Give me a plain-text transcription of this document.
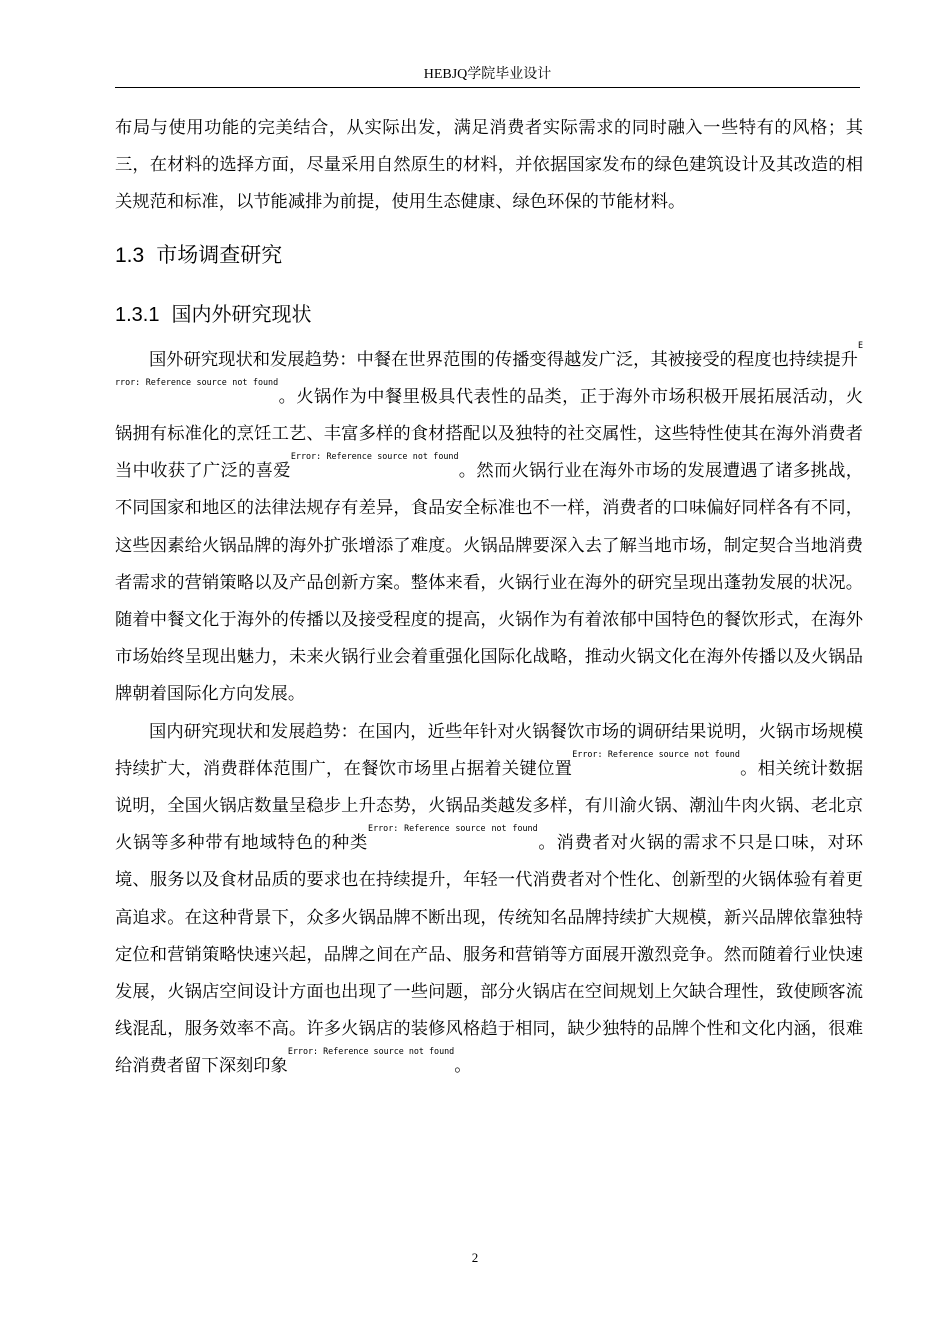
HEBJQ学院毕业设计

布局与使用功能的完美结合，从实际出发，满足消费者实际需求的同时融入一些特有的风格；其三，在材料的选择方面，尽量采用自然原生的材料，并依据国家发布的绿色建筑设计及其改造的相关规范和标准，以节能减排为前提，使用生态健康、绿色环保的节能材料。

1.3 市场调查研究
1.3.1 国内外研究现状

国外研究现状和发展趋势：中餐在世界范围的传播变得越发广泛，其被接受的程度也持续提升$^{Error: Reference source not found}$。火锅作为中餐里极具代表性的品类，正于海外市场积极开展拓展活动，火锅拥有标准化的烹饪工艺、丰富多样的食材搭配以及独特的社交属性，这些特性使其在海外消费者当中收获了广泛的喜爱$^{Error: Reference source not found}$。然而火锅行业在海外市场的发展遭遇了诸多挑战，不同国家和地区的法律法规存有差异，食品安全标准也不一样，消费者的口味偏好同样各有不同，这些因素给火锅品牌的海外扩张增添了难度。火锅品牌要深入去了解当地市场，制定契合当地消费者需求的营销策略以及产品创新方案。整体来看，火锅行业在海外的研究呈现出蓬勃发展的状况。随着中餐文化于海外的传播以及接受程度的提高，火锅作为有着浓郁中国特色的餐饮形式，在海外市场始终呈现出魅力，未来火锅行业会着重强化国际化战略，推动火锅文化在海外传播以及火锅品牌朝着国际化方向发展。

国内研究现状和发展趋势：在国内，近些年针对火锅餐饮市场的调研结果说明，火锅市场规模持续扩大，消费群体范围广，在餐饮市场里占据着关键位置$^{Error: Reference source not found}$。相关统计数据说明，全国火锅店数量呈稳步上升态势，火锅品类越发多样，有川渝火锅、潮汕牛肉火锅、老北京火锅等多种带有地域特色的种类$^{Error: Reference source not found}$。消费者对火锅的需求不只是口味，对环境、服务以及食材品质的要求也在持续提升，年轻一代消费者对个性化、创新型的火锅体验有着更高追求。在这种背景下，众多火锅品牌不断出现，传统知名品牌持续扩大规模，新兴品牌依靠独特定位和营销策略快速兴起，品牌之间在产品、服务和营销等方面展开激烈竞争。然而随着行业快速发展，火锅店空间设计方面也出现了一些问题，部分火锅店在空间规划上欠缺合理性，致使顾客流线混乱，服务效率不高。许多火锅店的装修风格趋于相同，缺少独特的品牌个性和文化内涵，很难给消费者留下深刻印象$^{Error: Reference source not found}$。

2
